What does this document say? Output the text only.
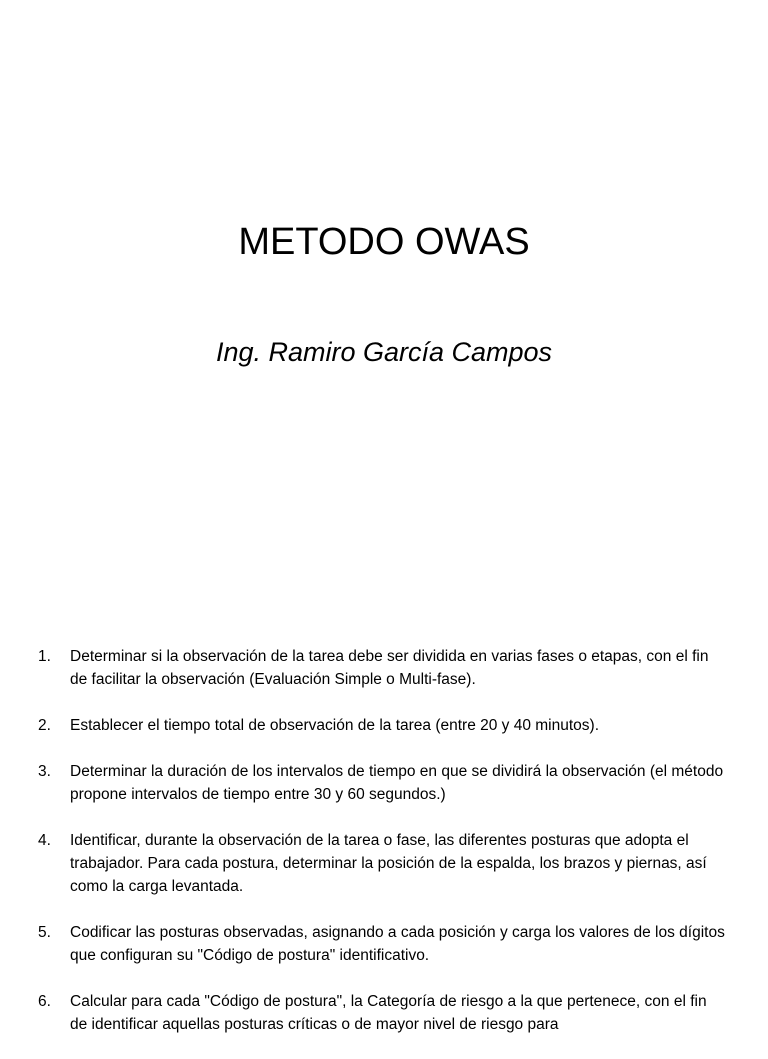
METODO OWAS
Ing. Ramiro García Campos
1. Determinar si la observación de la tarea debe ser dividida en varias fases o etapas, con el fin de facilitar la observación (Evaluación Simple o Multi-fase).
2. Establecer el tiempo total de observación de la tarea (entre 20 y 40 minutos).
3. Determinar la duración de los intervalos de tiempo en que se dividirá la observación (el método propone intervalos de tiempo entre 30 y 60 segundos.)
4. Identificar, durante la observación de la tarea o fase, las diferentes posturas que adopta el trabajador. Para cada postura, determinar la posición de la espalda, los brazos y piernas, así como la carga levantada.
5. Codificar las posturas observadas, asignando a cada posición y carga los valores de los dígitos que configuran su "Código de postura" identificativo.
6. Calcular para cada "Código de postura", la Categoría de riesgo a la que pertenece, con el fin de identificar aquellas posturas críticas o de mayor nivel de riesgo para
